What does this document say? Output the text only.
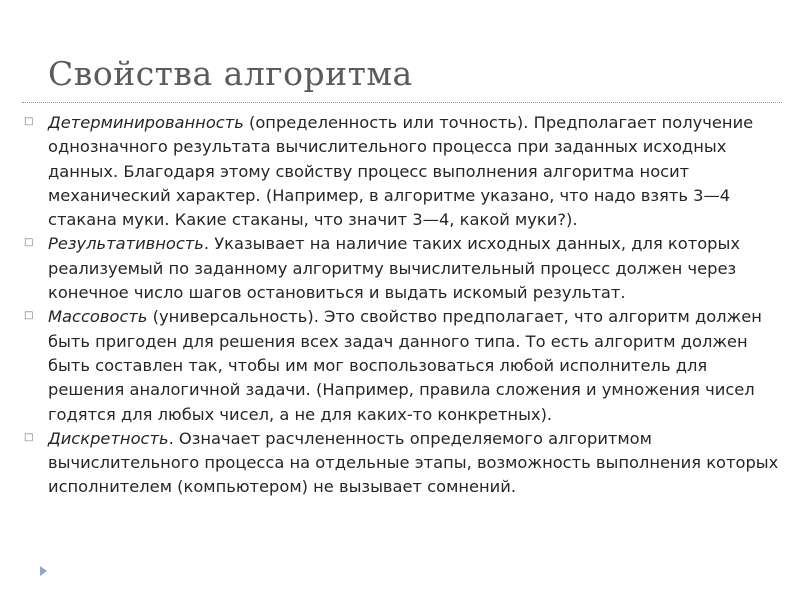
Свойства алгоритма
□ Детерминированность (определенность или точность). Предполагает получение однозначного результата вычислительного процесса при заданных исходных данных. Благодаря этому свойству процесс выполнения алгоритма носит механический характер. (Например, в алгоритме указано, что надо взять 3—4 стакана муки. Какие стаканы, что значит 3—4, какой муки?).
□ Результативность. Указывает на наличие таких исходных данных, для которых реализуемый по заданному алгоритму вычислительный процесс должен через конечное число шагов остановиться и выдать искомый результат.
□ Массовость (универсальность). Это свойство предполагает, что алгоритм должен быть пригоден для решения всех задач данного типа. То есть алгоритм должен быть составлен так, чтобы им мог воспользоваться любой исполнитель для решения аналогичной задачи. (Например, правила сложения и умножения чисел годятся для любых чисел, а не для каких-то конкретных).
□ Дискретность. Означает расчлененность определяемого алгоритмом вычислительного процесса на отдельные этапы, возможность выполнения которых исполнителем (компьютером) не вызывает сомнений.
